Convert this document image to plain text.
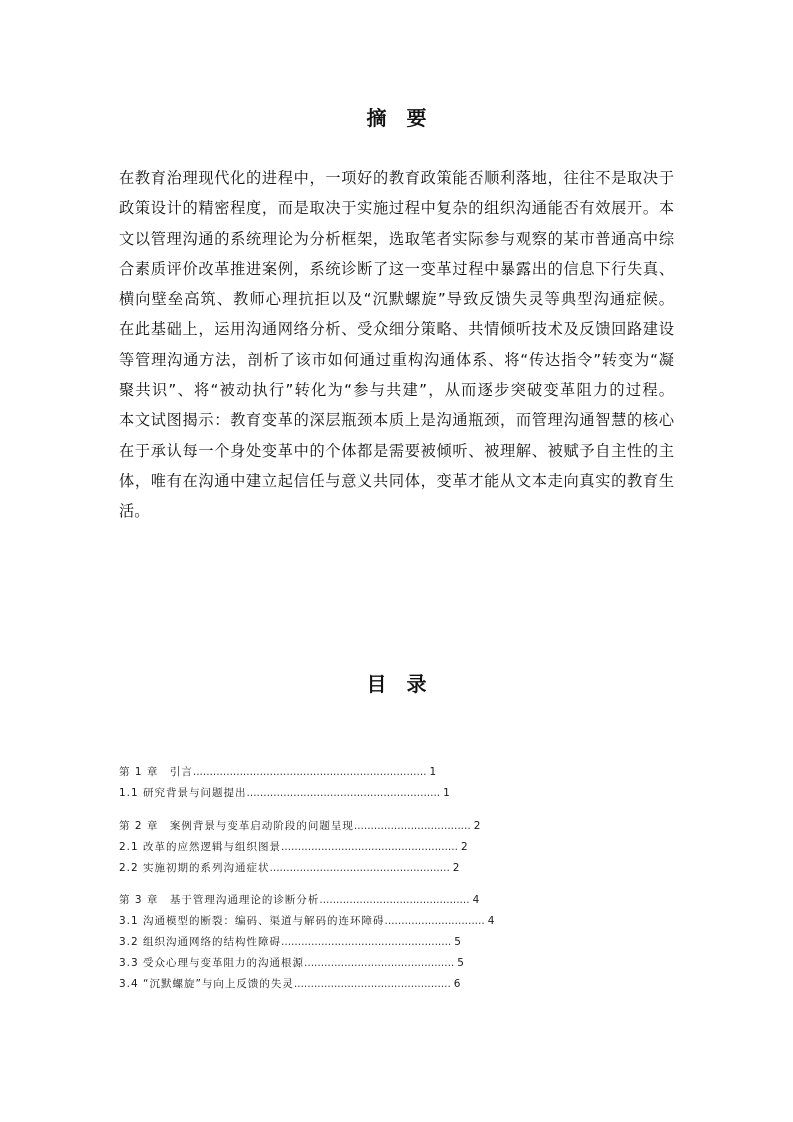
摘　要
在教育治理现代化的进程中，一项好的教育政策能否顺利落地，往往不是取决于
政策设计的精密程度，而是取决于实施过程中复杂的组织沟通能否有效展开。本
文以管理沟通的系统理论为分析框架，选取笔者实际参与观察的某市普通高中综
合素质评价改革推进案例，系统诊断了这一变革过程中暴露出的信息下行失真、
横向壁垒高筑、教师心理抗拒以及“沉默螺旋”导致反馈失灵等典型沟通症候。
在此基础上，运用沟通网络分析、受众细分策略、共情倾听技术及反馈回路建设
等管理沟通方法，剖析了该市如何通过重构沟通体系、将“传达指令”转变为“凝
聚共识”、将“被动执行”转化为“参与共建”，从而逐步突破变革阻力的过程。
本文试图揭示：教育变革的深层瓶颈本质上是沟通瓶颈，而管理沟通智慧的核心
在于承认每一个身处变革中的个体都是需要被倾听、被理解、被赋予自主性的主
体，唯有在沟通中建立起信任与意义共同体，变革才能从文本走向真实的教育生
活。
目　录
第 1 章　引言...................................................................... 1
1.1 研究背景与问题提出.......................................................... 1
第 2 章　案例背景与变革启动阶段的问题呈现................................... 2
2.1 改革的应然逻辑与组织图景..................................................... 2
2.2 实施初期的系列沟通症状...................................................... 2
第 3 章　基于管理沟通理论的诊断分析............................................. 4
3.1 沟通模型的断裂：编码、渠道与解码的连环障碍.............................. 4
3.2 组织沟通网络的结构性障碍................................................... 5
3.3 受众心理与变革阻力的沟通根源............................................. 5
3.4 “沉默螺旋”与向上反馈的失灵............................................... 6
